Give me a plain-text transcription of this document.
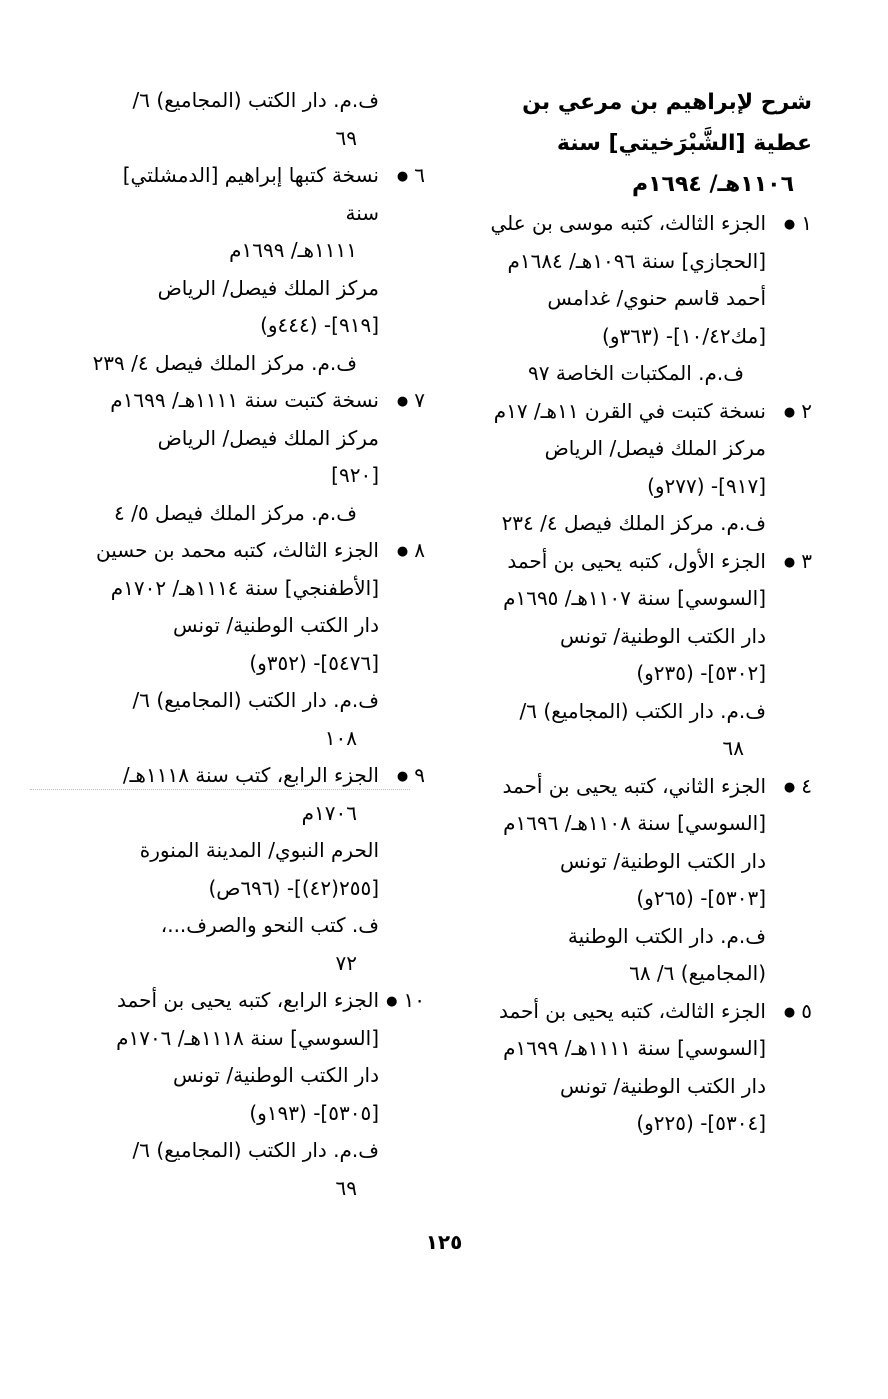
شرح لإبراهيم بن مرعي بن
عطية [الشَّبْرَخيتي] سنة
١١٠٦هـ/ ١٦٩٤م
١●
الجزء الثالث، كتبه موسى بن علي
[الحجازي] سنة ١٠٩٦هـ/ ١٦٨٤م
أحمد قاسم حنوي/ غدامس
[مك١٠/٤٢]- (٣٦٣و)
ف.م. المكتبات الخاصة ٩٧
٢●
نسخة كتبت في القرن ١١هـ/ ١٧م
مركز الملك فيصل/ الرياض
[٩١٧]- (٢٧٧و)
ف.م. مركز الملك فيصل ٤/ ٢٣٤
٣●
الجزء الأول، كتبه يحيى بن أحمد
[السوسي] سنة ١١٠٧هـ/ ١٦٩٥م
دار الكتب الوطنية/ تونس
[٥٣٠٢]- (٢٣٥و)
ف.م. دار الكتب (المجاميع) ٦/
٦٨
٤●
الجزء الثاني، كتبه يحيى بن أحمد
[السوسي] سنة ١١٠٨هـ/ ١٦٩٦م
دار الكتب الوطنية/ تونس
[٥٣٠٣]- (٢٦٥و)
ف.م. دار الكتب الوطنية
(المجاميع) ٦/ ٦٨
٥●
الجزء الثالث، كتبه يحيى بن أحمد
[السوسي] سنة ١١١١هـ/ ١٦٩٩م
دار الكتب الوطنية/ تونس
[٥٣٠٤]- (٢٢٥و)
ف.م. دار الكتب (المجاميع) ٦/
٦٩
٦●
نسخة كتبها إبراهيم [الدمشلتي] سنة
١١١١هـ/ ١٦٩٩م
مركز الملك فيصل/ الرياض
[٩١٩]- (٤٤٤و)
ف.م. مركز الملك فيصل ٤/ ٢٣٩
٧●
نسخة كتبت سنة ١١١١هـ/ ١٦٩٩م
مركز الملك فيصل/ الرياض
[٩٢٠]
ف.م. مركز الملك فيصل ٥/ ٤
٨●
الجزء الثالث، كتبه محمد بن حسين
[الأطفنجي] سنة ١١١٤هـ/ ١٧٠٢م
دار الكتب الوطنية/ تونس
[٥٤٧٦]- (٣٥٢و)
ف.م. دار الكتب (المجاميع) ٦/
١٠٨
٩●
الجزء الرابع، كتب سنة ١١١٨هـ/
١٧٠٦م
الحرم النبوي/ المدينة المنورة
[٢٥٥(٤٢)]- (٦٩٦ص)
ف. كتب النحو والصرف...،
٧٢
١٠●
الجزء الرابع، كتبه يحيى بن أحمد
[السوسي] سنة ١١١٨هـ/ ١٧٠٦م
دار الكتب الوطنية/ تونس
[٥٣٠٥]- (١٩٣و)
ف.م. دار الكتب (المجاميع) ٦/
٦٩
١٢٥
